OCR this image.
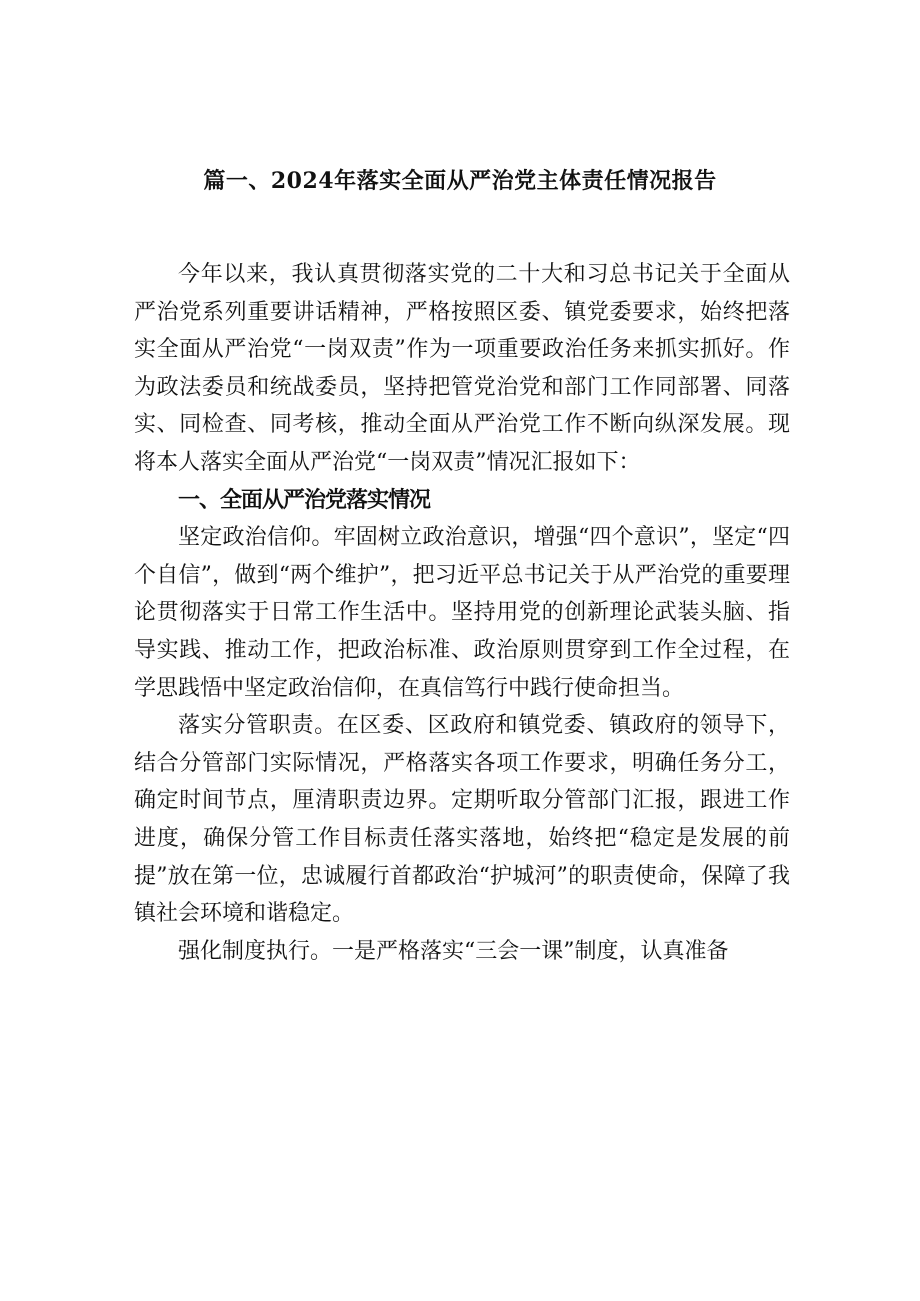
篇一、2024年落实全面从严治党主体责任情况报告

今年以来，我认真贯彻落实党的二十大和习总书记关于全面从严治党系列重要讲话精神，严格按照区委、镇党委要求，始终把落实全面从严治党“一岗双责”作为一项重要政治任务来抓实抓好。作为政法委员和统战委员，坚持把管党治党和部门工作同部署、同落实、同检查、同考核，推动全面从严治党工作不断向纵深发展。现将本人落实全面从严治党“一岗双责”情况汇报如下：

一、全面从严治党落实情况

坚定政治信仰。牢固树立政治意识，增强“四个意识”，坚定“四个自信”，做到“两个维护”，把习近平总书记关于从严治党的重要理论贯彻落实于日常工作生活中。坚持用党的创新理论武装头脑、指导实践、推动工作，把政治标准、政治原则贯穿到工作全过程，在学思践悟中坚定政治信仰，在真信笃行中践行使命担当。

落实分管职责。在区委、区政府和镇党委、镇政府的领导下，结合分管部门实际情况，严格落实各项工作要求，明确任务分工，确定时间节点，厘清职责边界。定期听取分管部门汇报，跟进工作进度，确保分管工作目标责任落实落地，始终把“稳定是发展的前提”放在第一位，忠诚履行首都政治“护城河”的职责使命，保障了我镇社会环境和谐稳定。

强化制度执行。一是严格落实“三会一课”制度，认真准备
